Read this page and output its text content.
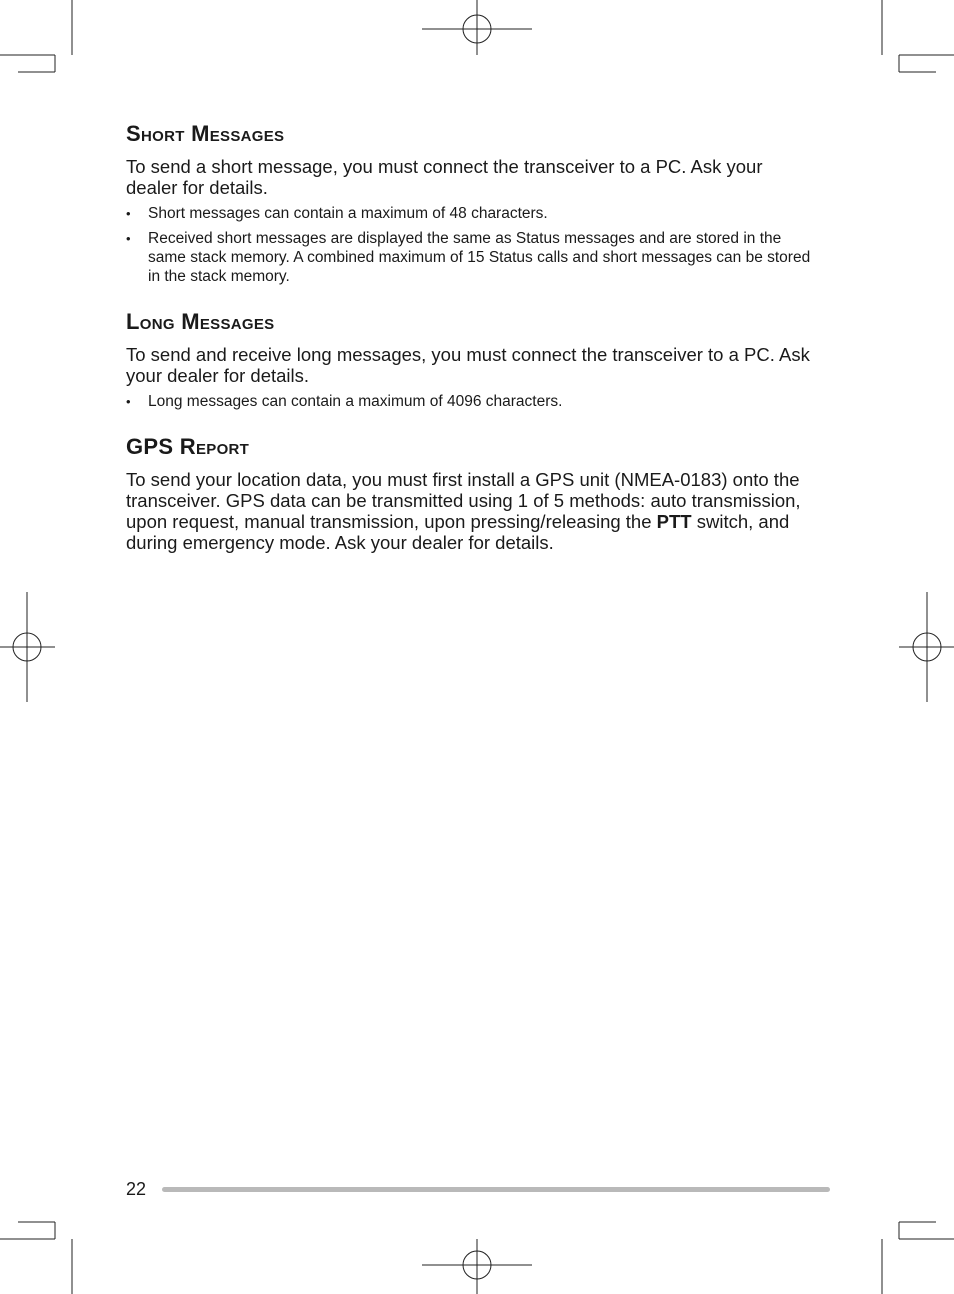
Short Messages

To send a short message, you must connect the transceiver to a PC. Ask your dealer for details.

• Short messages can contain a maximum of 48 characters.
• Received short messages are displayed the same as Status messages and are stored in the same stack memory. A combined maximum of 15 Status calls and short messages can be stored in the stack memory.
Long Messages

To send and receive long messages, you must connect the transceiver to a PC. Ask your dealer for details.

• Long messages can contain a maximum of 4096 characters.
GPS Report

To send your location data, you must first install a GPS unit (NMEA-0183) onto the transceiver. GPS data can be transmitted using 1 of 5 methods: auto transmission, upon request, manual transmission, upon pressing/releasing the PTT switch, and during emergency mode. Ask your dealer for details.

22
